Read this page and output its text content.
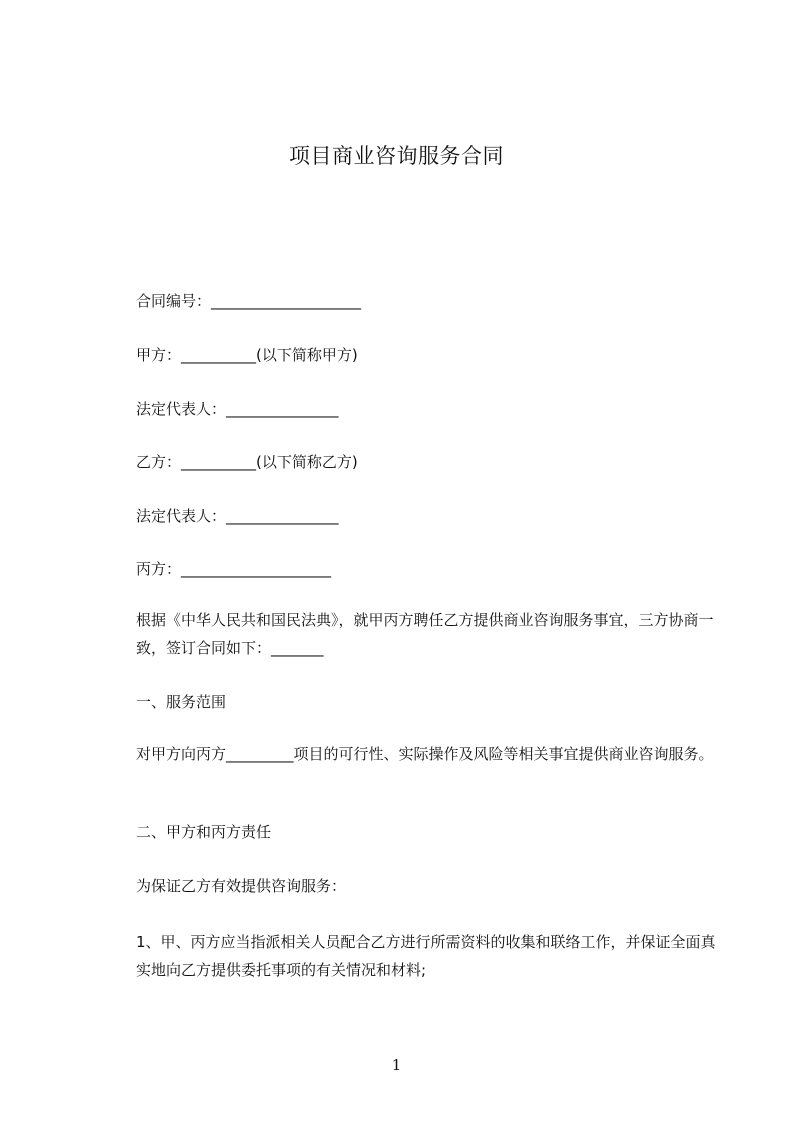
项目商业咨询服务合同
合同编号：____________________
甲方：__________(以下简称甲方)
法定代表人：_______________
乙方：__________(以下简称乙方)
法定代表人：_______________
丙方：____________________

根据《中华人民共和国民法典》，就甲丙方聘任乙方提供商业咨询服务事宜，三方协商一致，签订合同如下：_______

一、服务范围

对甲方向丙方_________项目的可行性、实际操作及风险等相关事宜提供商业咨询服务。

二、甲方和丙方责任
为保证乙方有效提供咨询服务：

1、甲、丙方应当指派相关人员配合乙方进行所需资料的收集和联络工作，并保证全面真实地向乙方提供委托事项的有关情况和材料;

1
